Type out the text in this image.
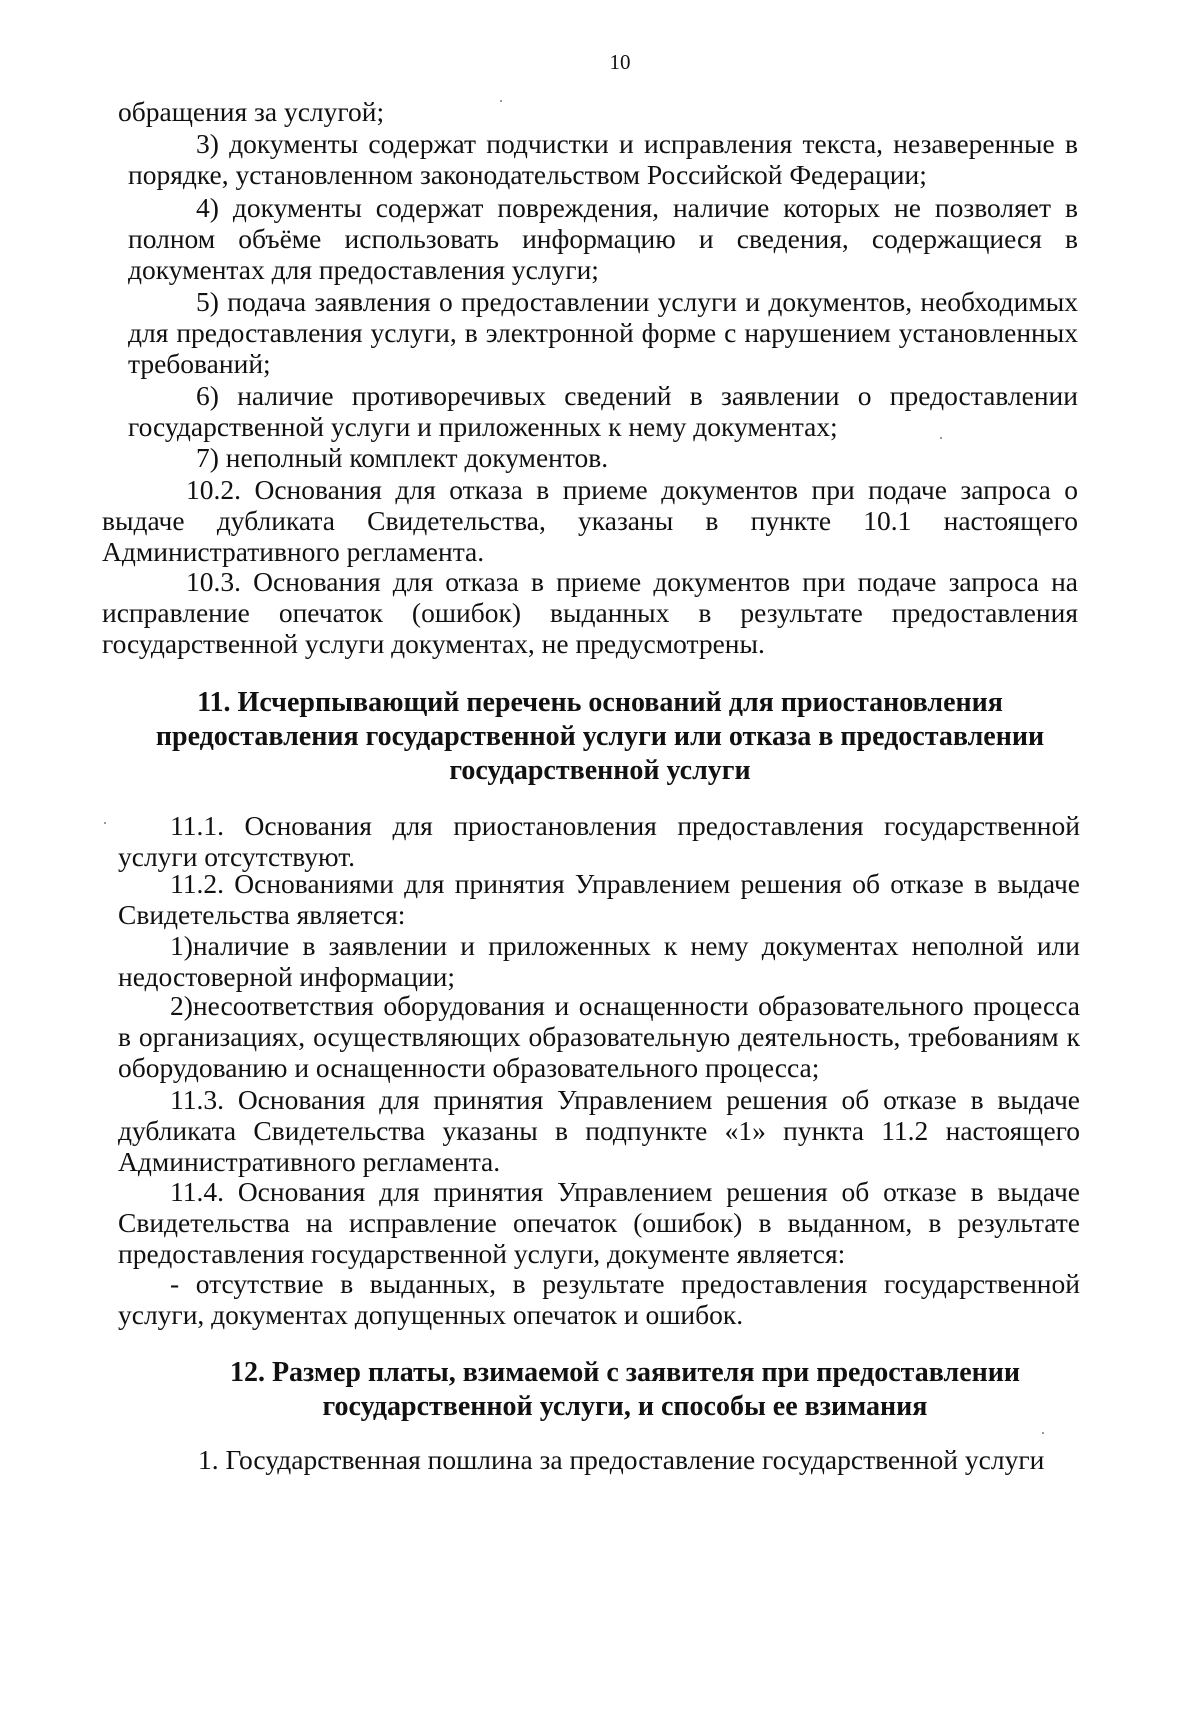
10
обращения за услугой;
3) документы содержат подчистки и исправления текста, незаверенные в порядке, установленном законодательством Российской Федерации;
4) документы содержат повреждения, наличие которых не позволяет в полном объёме использовать информацию и сведения, содержащиеся в документах для предоставления услуги;
5) подача заявления о предоставлении услуги и документов, необходимых для предоставления услуги, в электронной форме с нарушением установленных требований;
6) наличие противоречивых сведений в заявлении о предоставлении государственной услуги и приложенных к нему документах;
7) неполный комплект документов.
10.2. Основания для отказа в приеме документов при подаче запроса о выдаче дубликата Свидетельства, указаны в пункте 10.1 настоящего Административного регламента.
10.3. Основания для отказа в приеме документов при подаче запроса на исправление опечаток (ошибок) выданных в результате предоставления государственной услуги документах, не предусмотрены.
11. Исчерпывающий перечень оснований для приостановления
предоставления государственной услуги или отказа в предоставлении
государственной услуги
11.1. Основания для приостановления предоставления государственной услуги отсутствуют.
11.2. Основаниями для принятия Управлением решения об отказе в выдаче Свидетельства является:
1)наличие в заявлении и приложенных к нему документах неполной или недостоверной информации;
2)несоответствия оборудования и оснащенности образовательного процесса в организациях, осуществляющих образовательную деятельность, требованиям к оборудованию и оснащенности образовательного процесса;
11.3. Основания для принятия Управлением решения об отказе в выдаче дубликата Свидетельства указаны в подпункте «1» пункта 11.2 настоящего Административного регламента.
11.4. Основания для принятия Управлением решения об отказе в выдаче Свидетельства на исправление опечаток (ошибок) в выданном, в результате предоставления государственной услуги, документе является:
- отсутствие в выданных, в результате предоставления государственной услуги, документах допущенных опечаток и ошибок.
12. Размер платы, взимаемой с заявителя при предоставлении
государственной услуги, и способы ее взимания
1. Государственная пошлина за предоставление государственной услуги
